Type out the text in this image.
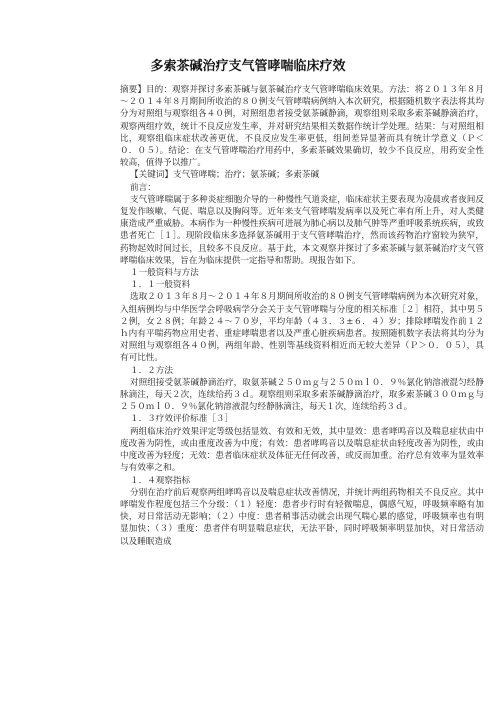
多索茶碱治疗支气管哮喘临床疗效

摘要】目的：观察并探讨多索茶碱与氨茶碱治疗支气管哮喘临床效果。方法：将２０１３年８月～２０１４年８月期间所收治的８０例支气管哮喘病例纳入本次研究，根据随机数字表法将其均分为对照组与观察组各４０例，对照组患者接受氨茶碱静滴，观察组则采取多索茶碱静滴治疗，观察两组疗效，统计不良反应发生率，并对研究结果相关数据作统计学处理。结果：与对照组相比，观察组临床症状改善更优，不良反应发生率更低，组间差异显著而具有统计学意义（Ｐ＜０．０５）。结论：在支气管哮喘治疗用药中，多索茶碱效果确切，较少不良反应，用药安全性较高，值得予以推广。

【关键词】支气管哮喘；治疗；氨茶碱；多索茶碱

前言：

支气管哮喘属于多种炎症细胞介导的一种慢性气道炎症，临床症状主要表现为凌晨或者夜间反复发作咳嗽、气促、喘息以及胸闷等。近年来支气管哮喘发病率以及死亡率有所上升，对人类健康造成严重威胁。本病作为一种慢性疾病可进展为肺心病以及肺气肿等严重呼吸系统疾病，或致患者死亡［１］。现阶段临床多选择氨茶碱用于支气管哮喘治疗，然而该药物治疗窗较为狭窄，药物起效时间过长，且较多不良反应。基于此，本文观察并探讨了多索茶碱与氨茶碱治疗支气管哮喘临床效果，旨在为临床提供一定指导和帮助。现报告如下。

１一般资料与方法

１．１一般资料

选取２０１３年８月～２０１４年８月期间所收治的８０例支气管哮喘病例为本次研究对象，入组病例均与中华医学会呼吸病学分会关于支气管哮喘与分度的相关标准［２］相符，其中男５２例，女２８例；年龄２４～７０岁，平均年龄（４３．３±６．４）岁；排除哮喘发作前１２ｈ内有平喘药物应用史者、重症哮喘患者以及严重心脏疾病患者。按照随机数字表法将其均分为对照组与观察组各４０例，两组年龄、性别等基线资料相近而无较大差异（Ｐ＞０．０５），具有可比性。

１．２方法

对照组接受氨茶碱静滴治疗，取氨茶碱２５０ｍｇ与２５０ｍｌ０．９％氯化钠溶液混匀经静脉滴注，每天２次，连续给药３ｄ。观察组则采取多索茶碱静滴治疗，取多索茶碱３００ｍｇ与２５０ｍｌ０．９％氯化钠溶液混匀经静脉滴注，每天１次，连续给药３ｄ。

１．３疗效评价标准［３］

两组临床治疗效果评定等级包括显效、有效和无效，其中显效：患者哮鸣音以及喘息症状由中度改善为阴性，或由重度改善为中度；有效：患者哮鸣音以及喘息症状由轻度改善为阴性，或由中度改善为轻度；无效：患者临床症状及体征无任何改善，或反而加重。治疗总有效率为显效率与有效率之和。

１．４观察指标

分别在治疗前后观察两组哮鸣音以及喘息症状改善情况，并统计两组药物相关不良反应。其中哮喘发作程度包括三个分级：（１）轻度：患者步行时有轻微喘息，偶感气短，呼吸频率略有加快，对日常活动无影响；（２）中度：患者稍事活动就会出现气喘心累的感觉，呼吸频率也有明显加快；（３）重度：患者伴有明显喘息症状，无法平卧，同时呼吸频率明显加快，对日常活动以及睡眠造成
